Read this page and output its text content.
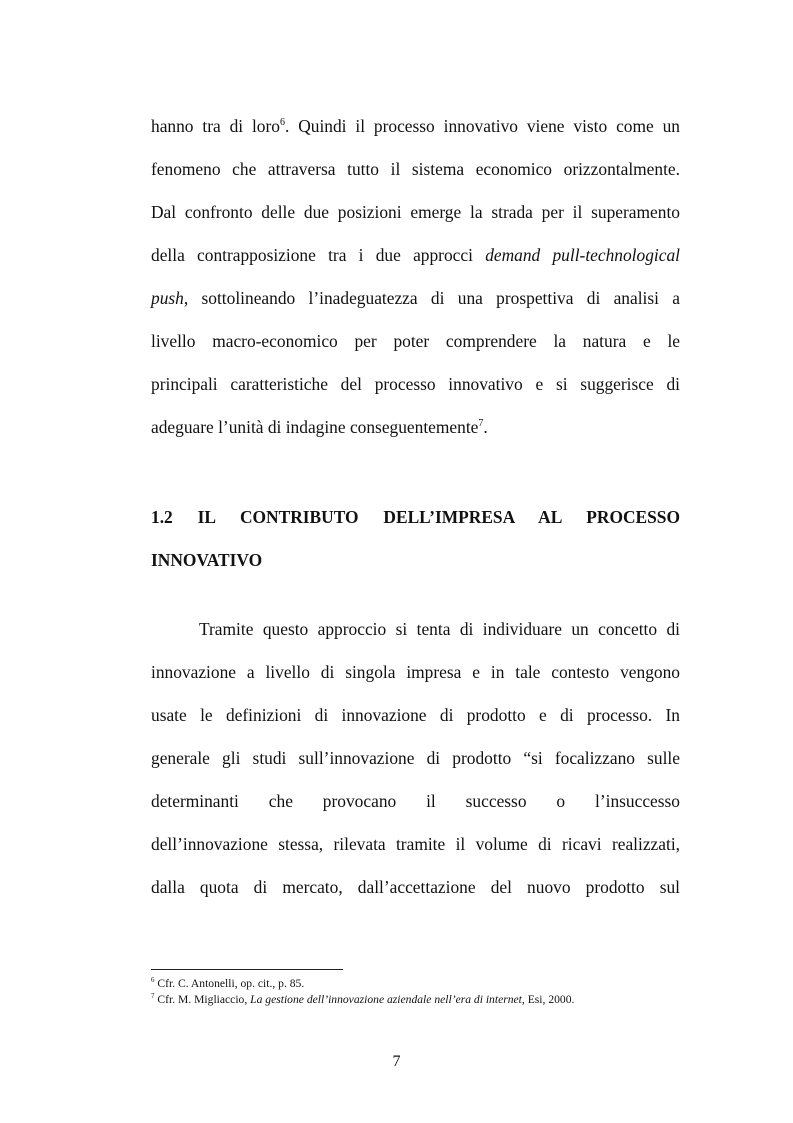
hanno tra di loro$^6$. Quindi il processo innovativo viene visto come un
fenomeno che attraversa tutto il sistema economico orizzontalmente.
Dal confronto delle due posizioni emerge la strada per il superamento
della contrapposizione tra i due approcci demand pull-technological
push, sottolineando l’inadeguatezza di una prospettiva di analisi a
livello macro-economico per poter comprendere la natura e le
principali caratteristiche del processo innovativo e si suggerisce di
adeguare l’unità di indagine conseguentemente$^7$.
1.2 IL CONTRIBUTO DELL’IMPRESA AL PROCESSO
INNOVATIVO
Tramite questo approccio si tenta di individuare un concetto di
innovazione a livello di singola impresa e in tale contesto vengono
usate le definizioni di innovazione di prodotto e di processo. In
generale gli studi sull’innovazione di prodotto “si focalizzano sulle
determinanti che provocano il successo o l’insuccesso
dell’innovazione stessa, rilevata tramite il volume di ricavi realizzati,
dalla quota di mercato, dall’accettazione del nuovo prodotto sul
$^6$ Cfr. C. Antonelli, op. cit., p. 85.
$^7$ Cfr. M. Migliaccio, La gestione dell’innovazione aziendale nell’era di internet, Esi, 2000.
7
